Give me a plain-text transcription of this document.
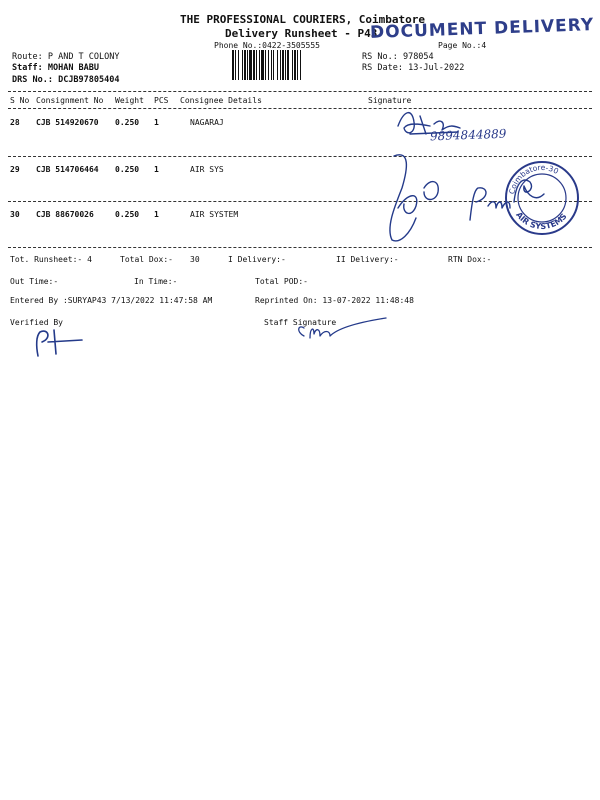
THE PROFESSIONAL COURIERS, Coimbatore
Delivery Runsheet - P43
Phone No.:0422-3505555	Page No.:4
DOCUMENT DELIVERY
Route: P AND T COLONY
Staff: MOHAN BABU
DRS No.: DCJB97805404
RS No.: 978054
RS Date: 13-Jul-2022
S No Consignment No Weight PCS Consignee Details	Signature
28 CJB 514920670 0.250 1	NAGARAJ
9894844889
29 CJB 514706464 0.250 1	AIR SYS
30 CJB 88670026	0.250 1	AIR SYSTEM
Coimbatore-30
AIR SYSTEMS
Tot. Runsheet:- 4	Total Dox:- 30	I Delivery:-	II Delivery:-	RTN Dox:-
Out Time:-	In Time:-	Total POD:-
Entered By :SURYAP43 7/13/2022 11:47:58 AM	Reprinted On: 13-07-2022 11:48:48
Verified By	Staff Signature
